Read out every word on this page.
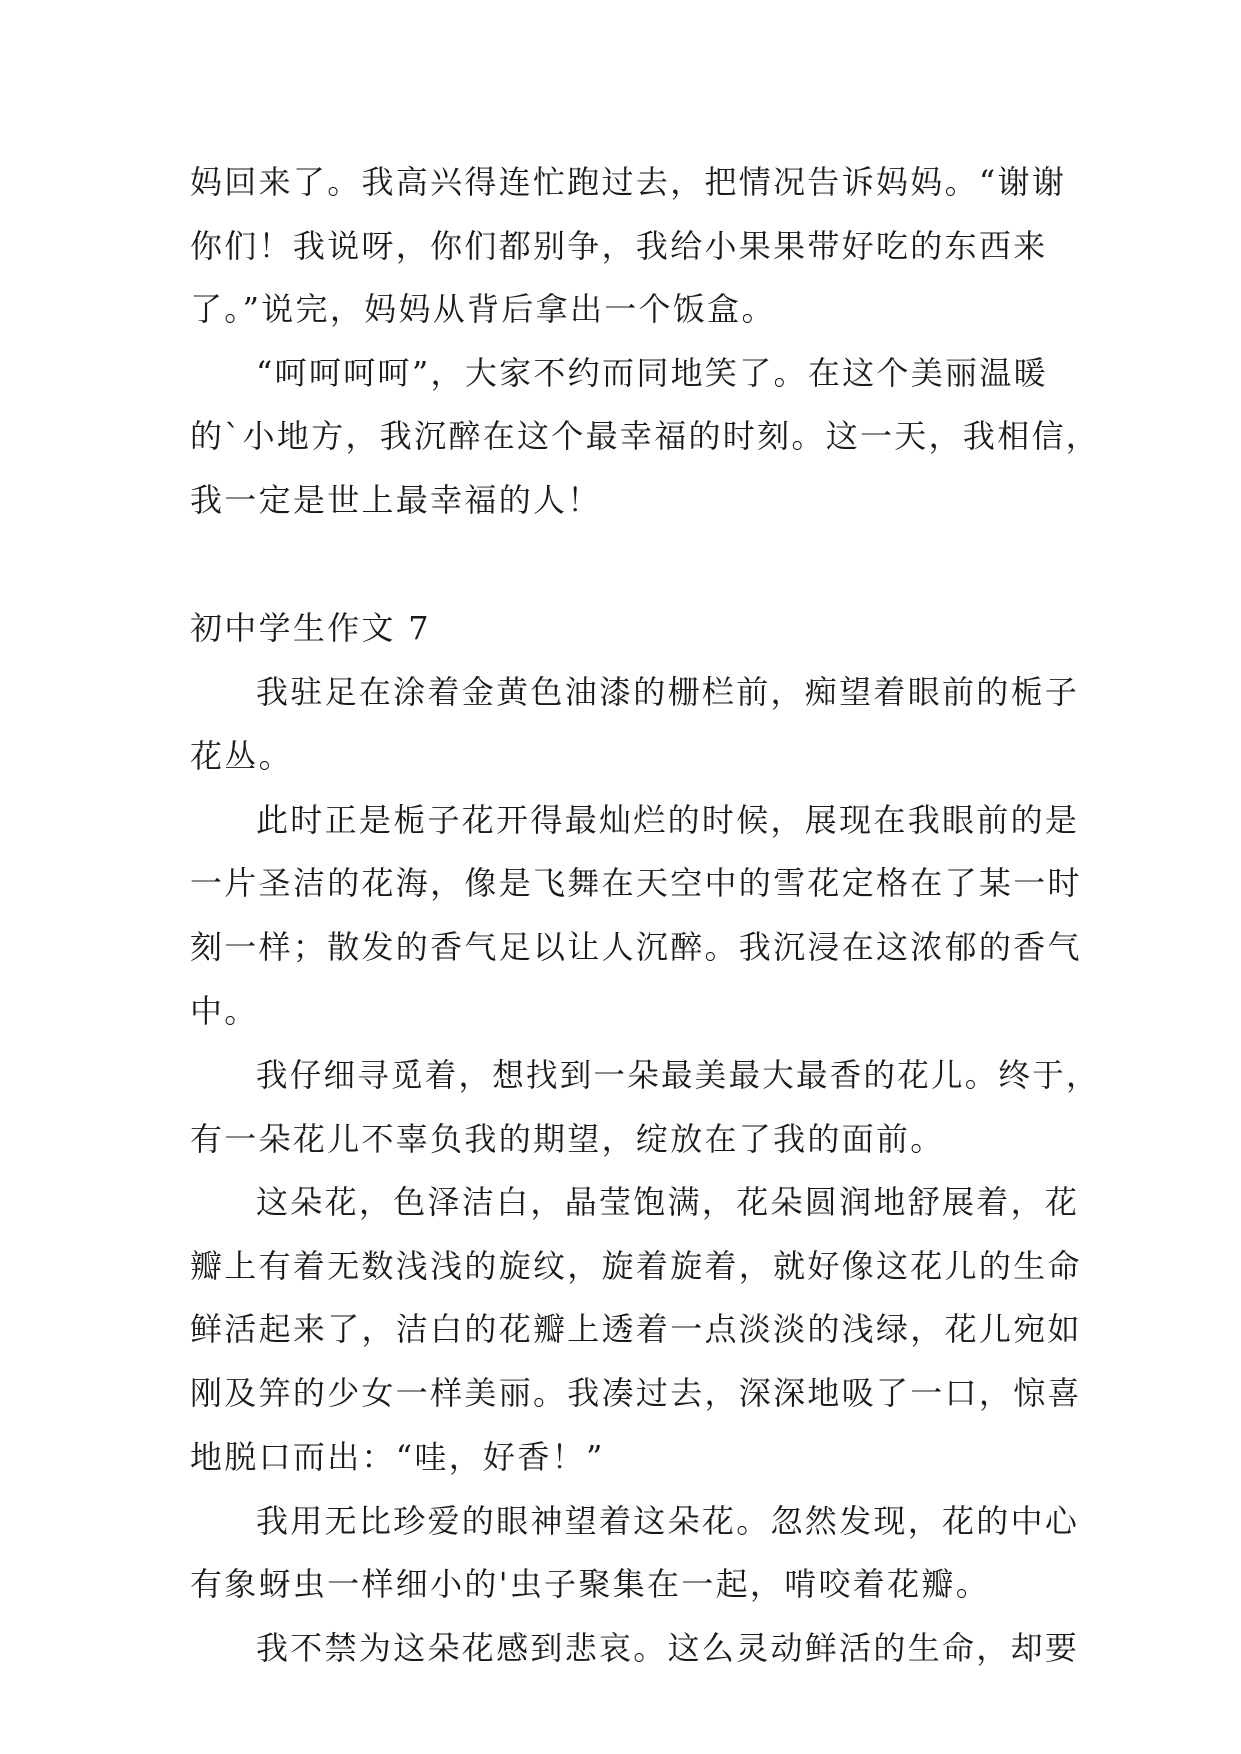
妈回来了。我高兴得连忙跑过去，把情况告诉妈妈。“谢谢
你们！我说呀，你们都别争，我给小果果带好吃的东西来
了。”说完，妈妈从背后拿出一个饭盒。
“呵呵呵呵”，大家不约而同地笑了。在这个美丽温暖
的`小地方，我沉醉在这个最幸福的时刻。这一天，我相信，
我一定是世上最幸福的人！
初中学生作文 7
我驻足在涂着金黄色油漆的栅栏前，痴望着眼前的栀子
花丛。
此时正是栀子花开得最灿烂的时候，展现在我眼前的是
一片圣洁的花海，像是飞舞在天空中的雪花定格在了某一时
刻一样；散发的香气足以让人沉醉。我沉浸在这浓郁的香气
中。
我仔细寻觅着，想找到一朵最美最大最香的花儿。终于，
有一朵花儿不辜负我的期望，绽放在了我的面前。
这朵花，色泽洁白，晶莹饱满，花朵圆润地舒展着，花
瓣上有着无数浅浅的旋纹，旋着旋着，就好像这花儿的生命
鲜活起来了，洁白的花瓣上透着一点淡淡的浅绿，花儿宛如
刚及笄的少女一样美丽。我凑过去，深深地吸了一口，惊喜
地脱口而出：“哇，好香！”
我用无比珍爱的眼神望着这朵花。忽然发现，花的中心
有象蚜虫一样细小的'虫子聚集在一起，啃咬着花瓣。
我不禁为这朵花感到悲哀。这么灵动鲜活的生命，却要
